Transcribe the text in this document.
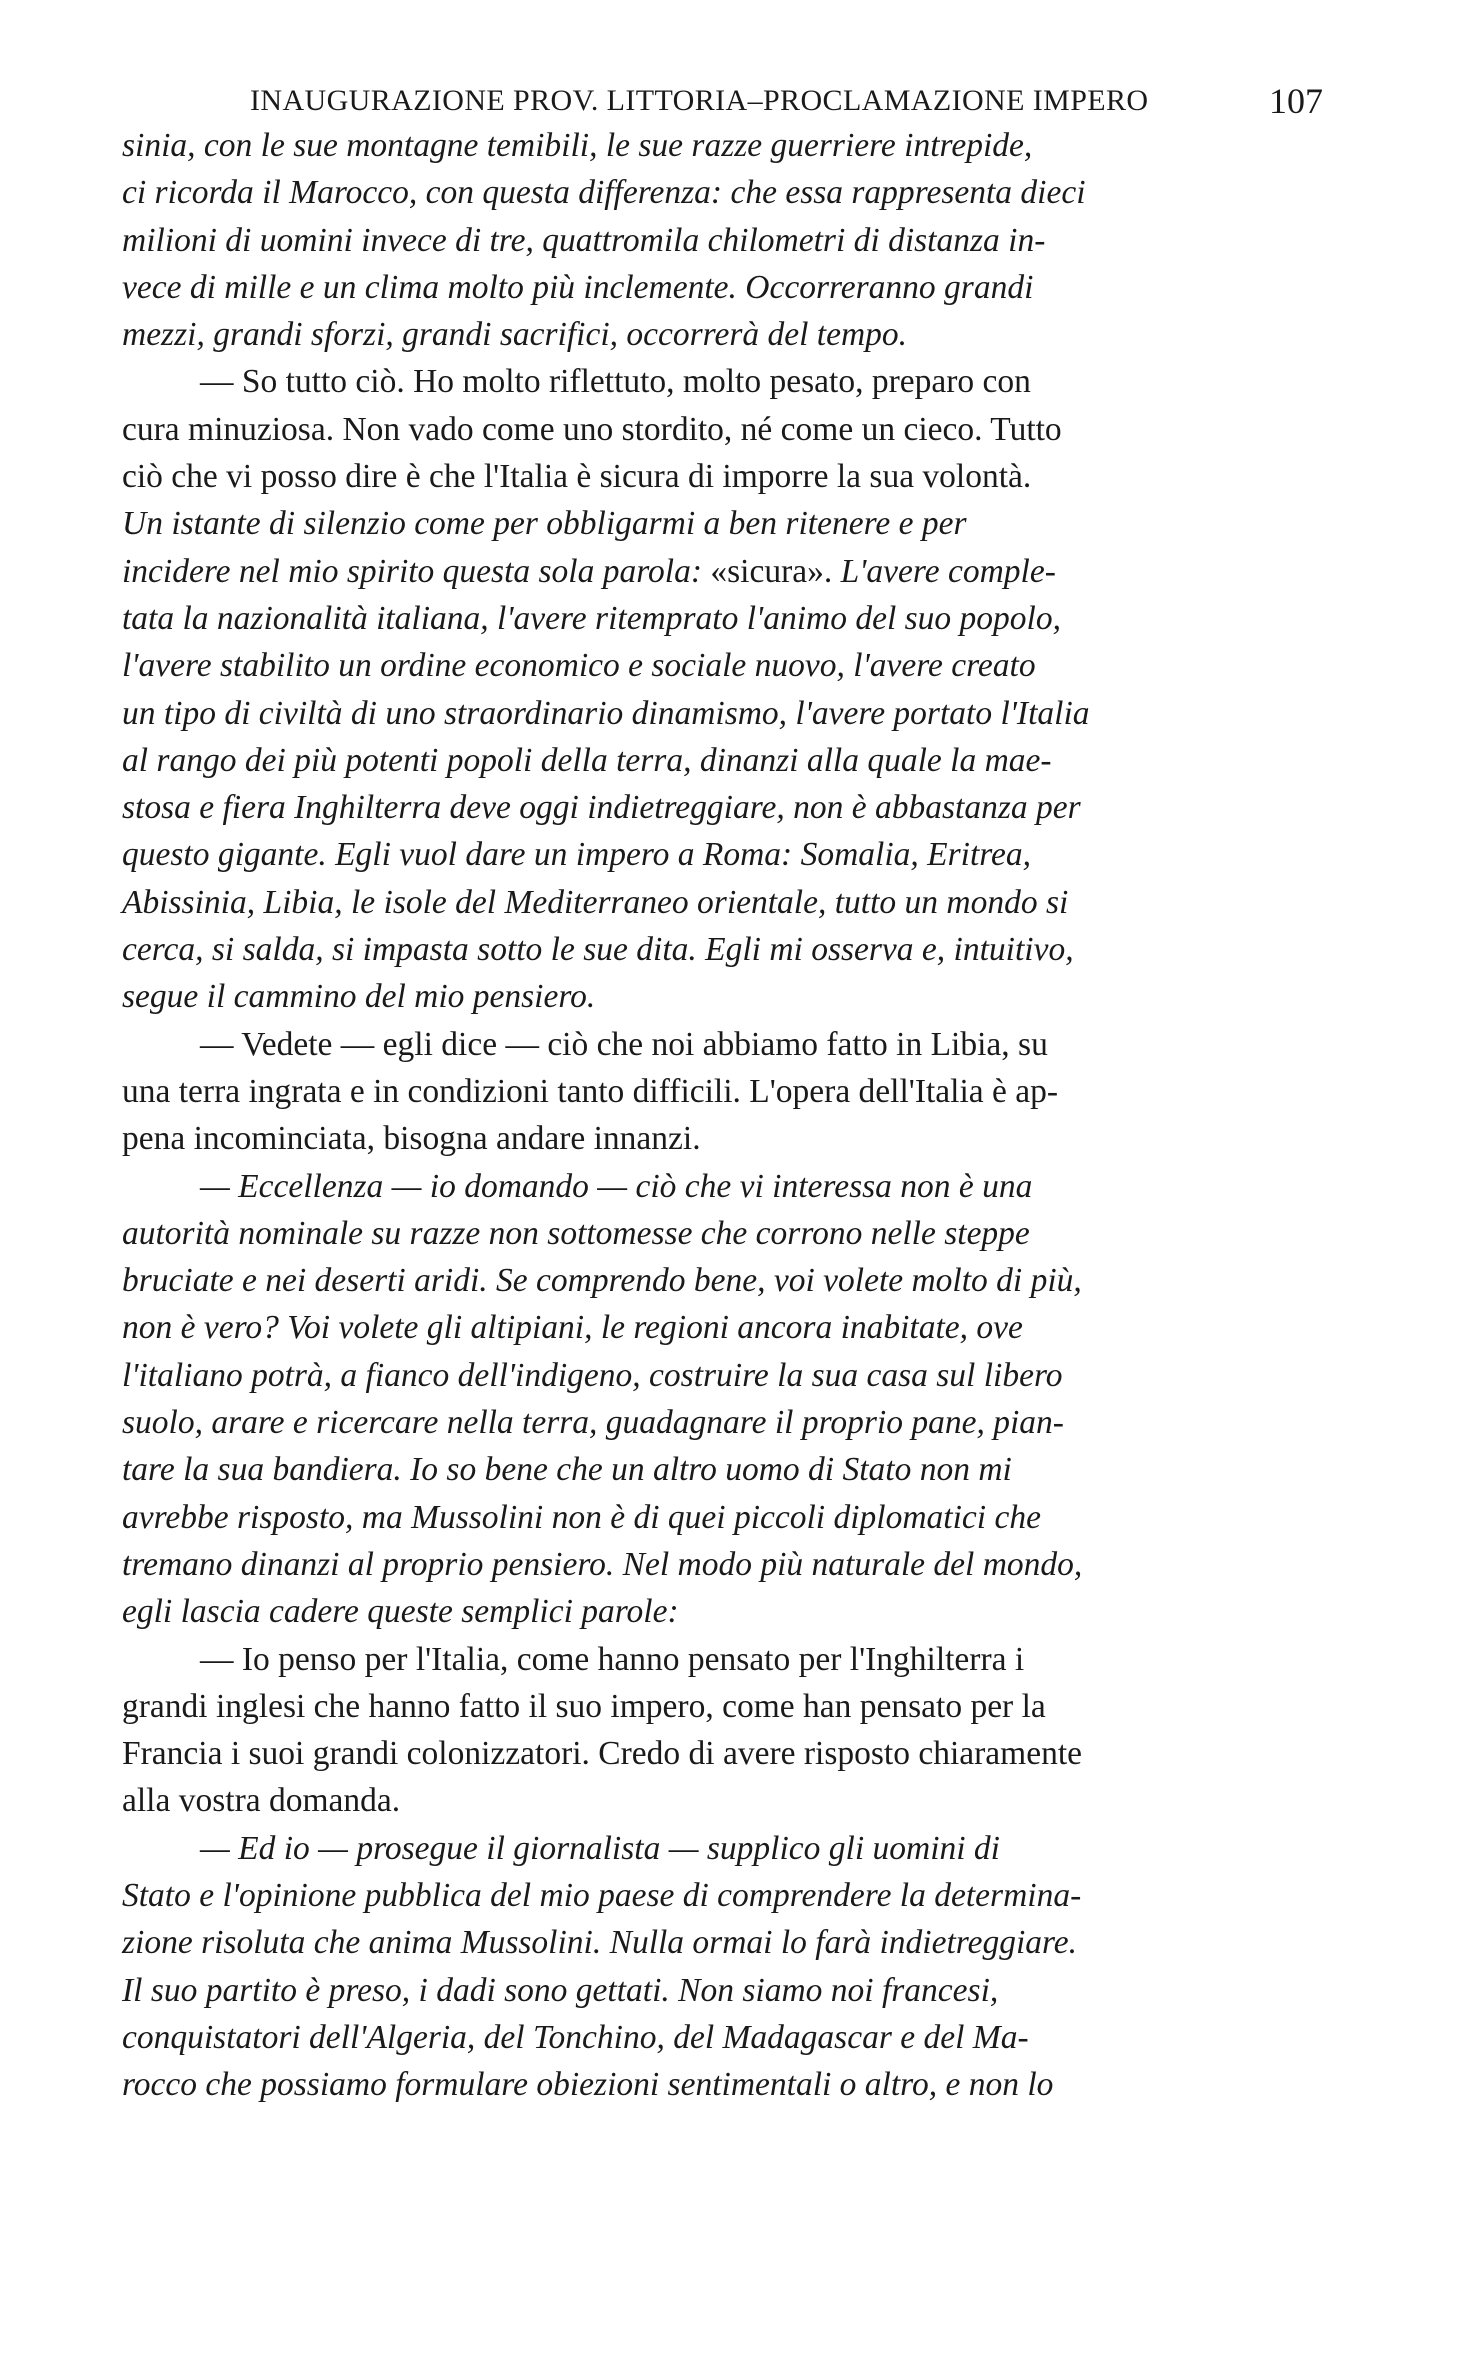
INAUGURAZIONE PROV. LITTORIA–PROCLAMAZIONE IMPERO	107
sinia, con le sue montagne temibili, le sue razze guerriere intrepide,
ci ricorda il Marocco, con questa differenza: che essa rappresenta dieci
milioni di uomini invece di tre, quattromila chilometri di distanza in-
vece di mille e un clima molto più inclemente. Occorreranno grandi
mezzi, grandi sforzi, grandi sacrifici, occorrerà del tempo.
— So tutto ciò. Ho molto riflettuto, molto pesato, preparo con
cura minuziosa. Non vado come uno stordito, né come un cieco. Tutto
ciò che vi posso dire è che l'Italia è sicura di imporre la sua volontà.
Un istante di silenzio come per obbligarmi a ben ritenere e per
incidere nel mio spirito questa sola parola: «sicura». L'avere comple-
tata la nazionalità italiana, l'avere ritemprato l'animo del suo popolo,
l'avere stabilito un ordine economico e sociale nuovo, l'avere creato
un tipo di civiltà di uno straordinario dinamismo, l'avere portato l'Italia
al rango dei più potenti popoli della terra, dinanzi alla quale la mae-
stosa e fiera Inghilterra deve oggi indietreggiare, non è abbastanza per
questo gigante. Egli vuol dare un impero a Roma: Somalia, Eritrea,
Abissinia, Libia, le isole del Mediterraneo orientale, tutto un mondo si
cerca, si salda, si impasta sotto le sue dita. Egli mi osserva e, intuitivo,
segue il cammino del mio pensiero.
— Vedete — egli dice — ciò che noi abbiamo fatto in Libia, su
una terra ingrata e in condizioni tanto difficili. L'opera dell'Italia è ap-
pena incominciata, bisogna andare innanzi.
— Eccellenza — io domando — ciò che vi interessa non è una
autorità nominale su razze non sottomesse che corrono nelle steppe
bruciate e nei deserti aridi. Se comprendo bene, voi volete molto di più,
non è vero? Voi volete gli altipiani, le regioni ancora inabitate, ove
l'italiano potrà, a fianco dell'indigeno, costruire la sua casa sul libero
suolo, arare e ricercare nella terra, guadagnare il proprio pane, pian-
tare la sua bandiera. Io so bene che un altro uomo di Stato non mi
avrebbe risposto, ma Mussolini non è di quei piccoli diplomatici che
tremano dinanzi al proprio pensiero. Nel modo più naturale del mondo,
egli lascia cadere queste semplici parole:
— Io penso per l'Italia, come hanno pensato per l'Inghilterra i
grandi inglesi che hanno fatto il suo impero, come han pensato per la
Francia i suoi grandi colonizzatori. Credo di avere risposto chiaramente
alla vostra domanda.
— Ed io — prosegue il giornalista — supplico gli uomini di
Stato e l'opinione pubblica del mio paese di comprendere la determina-
zione risoluta che anima Mussolini. Nulla ormai lo farà indietreggiare.
Il suo partito è preso, i dadi sono gettati. Non siamo noi francesi,
conquistatori dell'Algeria, del Tonchino, del Madagascar e del Ma-
rocco che possiamo formulare obiezioni sentimentali o altro, e non lo
